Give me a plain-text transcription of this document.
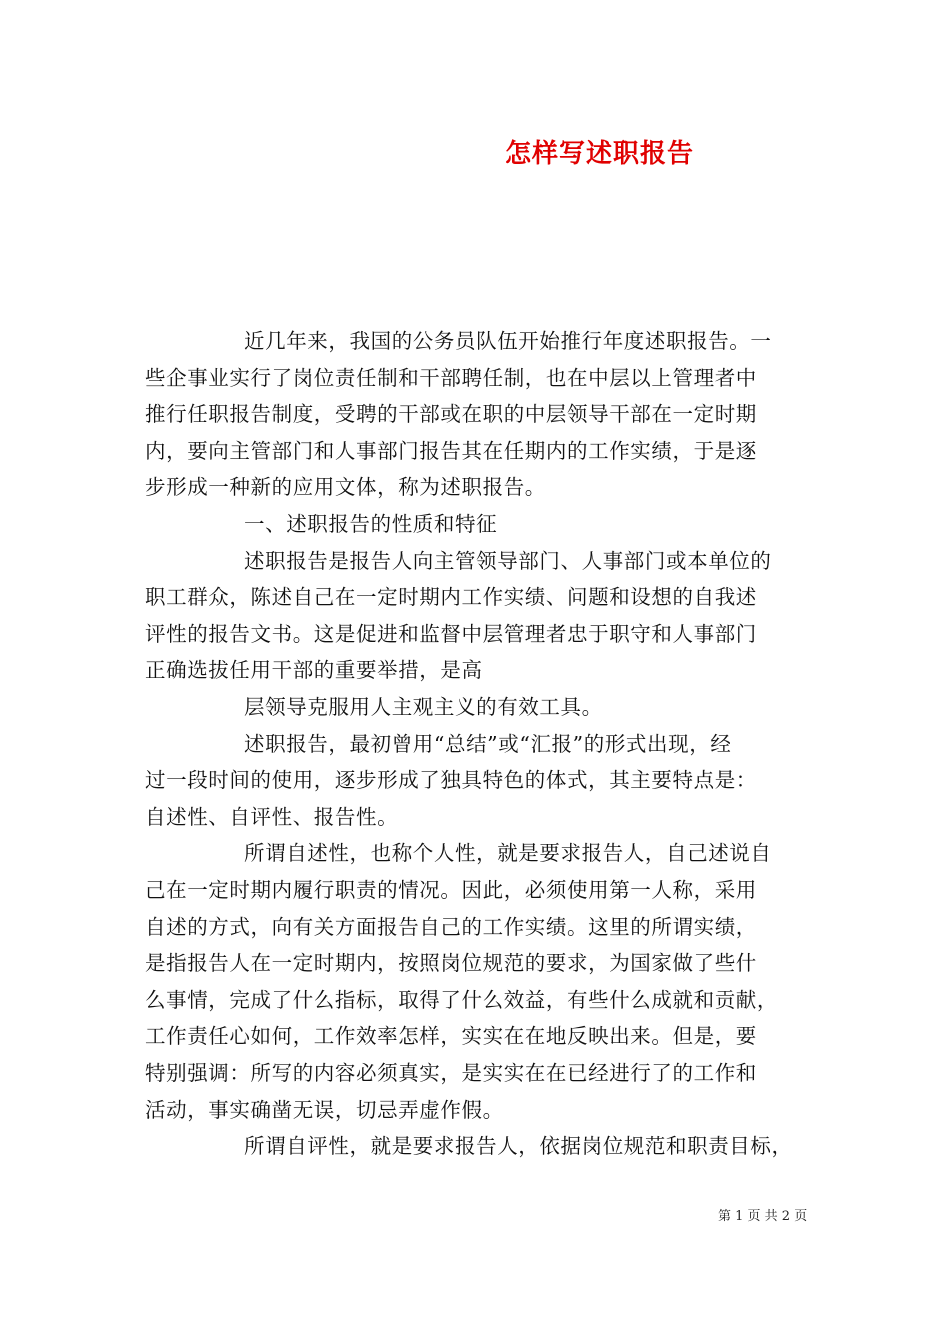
怎样写述职报告
近几年来，我国的公务员队伍开始推行年度述职报告。一
些企事业实行了岗位责任制和干部聘任制，也在中层以上管理者中
推行任职报告制度，受聘的干部或在职的中层领导干部在一定时期
内，要向主管部门和人事部门报告其在任期内的工作实绩，于是逐
步形成一种新的应用文体，称为述职报告。
一、述职报告的性质和特征
述职报告是报告人向主管领导部门、人事部门或本单位的
职工群众，陈述自己在一定时期内工作实绩、问题和设想的自我述
评性的报告文书。这是促进和监督中层管理者忠于职守和人事部门
正确选拔任用干部的重要举措，是高
层领导克服用人主观主义的有效工具。
述职报告，最初曾用“总结”或“汇报”的形式出现，经
过一段时间的使用，逐步形成了独具特色的体式，其主要特点是：
自述性、自评性、报告性。
所谓自述性，也称个人性，就是要求报告人，自己述说自
己在一定时期内履行职责的情况。因此，必须使用第一人称，采用
自述的方式，向有关方面报告自己的工作实绩。这里的所谓实绩，
是指报告人在一定时期内，按照岗位规范的要求，为国家做了些什
么事情，完成了什么指标，取得了什么效益，有些什么成就和贡献，
工作责任心如何，工作效率怎样，实实在在地反映出来。但是，要
特别强调：所写的内容必须真实，是实实在在已经进行了的工作和
活动，事实确凿无误，切忌弄虚作假。
所谓自评性，就是要求报告人，依据岗位规范和职责目标，
第 1 页 共 2 页
